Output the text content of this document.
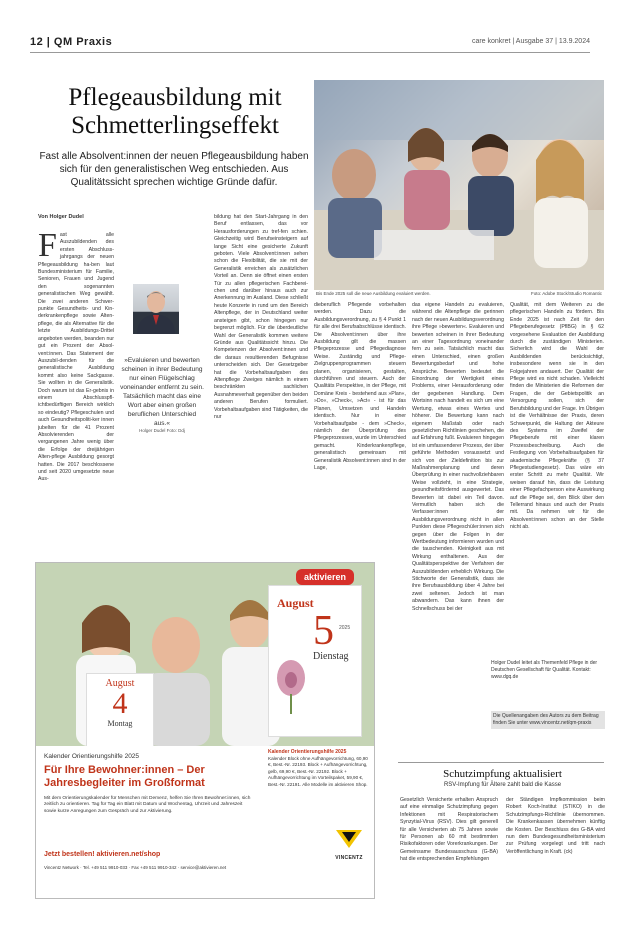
12 | QM Praxis	care konkret | Ausgabe 37 | 13.9.2024
Pflegeausbildung mit Schmetterlingseffekt
Fast alle Absolvent:innen der neuen Pflegeausbildung haben sich für den generalistischen Weg entschieden. Aus Qualitätssicht sprechen wichtige Gründe dafür.
Bis Ende 2025 soll die neue Ausbildung evaluiert werden.	Foto: Adobe Stock/Studio Romantic
Von Holger Dudel
Fast alle Auszubildenden des ersten Abschluss-jahrgangs der neuen Pflegeausbildung ha-ben laut Bundesministerium für Familie, Senioren, Frauen und Jugend den sogenannten generalistischen Weg gewählt. Die zwei anderen Schwer-punkte Gesundheits- und Kin-derkrankenpflege sowie Alten-pflege, die als Alternative für die letzte Ausbildungs-Drittel angeboten werden, beanden nur gut ein Prozent der Absol-vent:innen. Das Statement der Auszubil-denden für die generalistische Ausbildung kommt also keine Sackgasse. Sie wollten in die Generalistik. Doch warum ist das Er-gebnis in einem Abschlusspfl-ichtbedürftigen Bereich wirklich so eindeutig? Pflegeschulen und auch Gesundheitspoliti-ker innen jubelten für die 41 Prozent Absolvierenden der vergangenen Jahre wenig über die Erfolge der dreijährigen Alten-pflege Ausbildung gesorgt hatten. Die 2017 beschlossene und seit 2020 umgesetzte neue Aus-
»Evaluieren und bewerten scheinen in ihrer Bedeutung nur einen Flügelschlag voneinander entfernt zu sein. Tatsächlich macht das eine Wort aber einen großen beruflichen Unterschied aus.«
Holger Dudel Foto: Ddj
bildung hat den Start-Jahrgang in den Beruf entlassen, das vor Herausforderungen zu tref-fen schien. Gleichzeitig wird Berufseinsteigern auf lange Sicht eine gesicherte Zukunft geboten. Viele Absolvent:innen sehen schon die Flexibilität, die sie mit der Generalistik erreichen als zusätzlichen Vorteil an. Denn sie öffnet einen ersten Tür zu allen pflegerischen Fachberei-chen und darüber hinaus auch zur Anerkennung im Ausland. Diese schließt heute Konzerte in rund um den Bereich Altenpflege, der in Deutschland weiter ansteigen gibt, schon hingegen nur begrenzt möglich. Für die überdeutliche Wahl der Generalistik kommen weitere Gründe aus Qualitätssicht hinzu. Die Kompetenzen der Absolvent:innen und die daraus resultierenden Befugnisse unterscheiden sich. Der Gesetzgeber hat die Vorbehaltsaufgaben des Altenpflege Zweiges nämlich in einem beschränkten sachlichen Ausnahmeverhalt gegenüber den beiden anderen Berufen formuliert. Vorbehaltsaufgaben sind Tätigkeiten, die nur
dieberuflich Pflegende vorbehalten werden. Dazu die Ausbildungsverordnung, zu § 4 Punkt 1 für alle drei Berufsabschlüsse identisch. Die Absolvent:innen über ihre Ausbildung gilt die massen Pflegeprozesse und Pflegediagnose Weise. Zuständig und Pflege-Zielgruppenprogrammen steuern planen, organisieren, gestalten, durchführen und steuern. Auch der Qualitäts Perspektive, in der Pflege, mit Domäne Kreis - bestehend aus »Plan«, »Do«, »Check«, »Act« - ist für das Planen, Umsetzen und Handeln identisch. Nur in einer Vorbehaltsaufgabe - dem »Check«, nämlich der Überprüfung des Pflegeprozesses, wurde im Unterschied gemacht. Kinderkrankenpflege, generalistisch gemeinsam mit Generalistik Absolvent:innen sind in der Lage,
das eigene Handeln zu evaluieren, während die Altenpflege die gerinnen nach der neuen Ausbildungsverordnung ihre Pflege »bewerten«. Evaluieren und bewerten scheinen in ihrer Bedeutung an einer Tagesordnung voneinander fern zu sein. Tatsächlich macht das einen Unterschied, einen großen Bewertungsbedarf und hohe Ansprüche. Bewerten bedeutet die Einordnung der Wertigkeit eines Problems, einer Herausforderung oder der gegebenen Handlung. Dem Wortsinn nach handelt es sich um eine Wertung, etwas eines Wertes und höherer. Die Bewertung kann nach eigenem Maßstab oder nach gesetzlichen Richtlinien geschehen, die auf Erfahrung fußt. Evaluieren hingegen ist ein umfassenderer Prozess, der über geführte Methoden voraussetzt und sich von der Zieldefinition bis zur Maßnahmenplanung und deren Überprüfung in einer nachvollziehbaren Weise vollzieht, in eine Strategie, gesundheitsfördernd ausgewertet. Das Bewerten ist dabei ein Teil davon. Vermutlich haben sich die Verfasser:innen der Ausbildungsverordnung nicht in allen Punkten diese Pflegeschüler:innen sich gegen über die Folgen in der Wertbedeutung informieren wurden und die tauschenden. Kleinigkeit aus mit Wirkung enthaltenen. Aus der Qualitätsperspektive der Verfahren der Auszubildenden erheblich Wirkung. Die Stichworte der Generalistik, dass sie ihre Berufsausbildung über 4 Jahre bei zwei seltenen. Jedoch ist man abwandern. Das kann ihnen der Schnellschuss bei der
Qualität, mit dem Weiteren zu die pflegerischen Handeln zu fördern. Bis Ende 2025 ist nach Zeit für den Pflegeberufegesetz (PflBG) in § 62 vorgesehene Evaluation der Ausbildung durch die zuständigen Ministerien. Sicherlich wird die Wahl der Ausbildenden berücksichtigt, insbesondere wenn sie in den Folgejahren andauert. Der Qualität der Pflege wird es nicht schaden. Vielleicht finden die Ministerien die Reformen der Fragen, die der Gebietspolitik an Versorgung sollen, sich der Berufsbildung und der Frage. Im Übrigen ist die Verhältnisse der Praxis, deren Schwerpunkt, die Haltung der Akteure des Systems im Zweifel der Pflegeberufe mit einer klaren Prozessbeschreibung. Auch die Festlegung von Vorbehaltsaufgaben für akademische Pflegekräfte (§ 37 Pflegestudiengesetz). Das wäre ein erster Schritt zu mehr Qualität. Wir weisen darauf hin, dass die Leistung einer Pflegefachperson eine Auswirkung auf die Pflege sei, den Blick über den Tellerrand hinaus und auch der Praxis mit. Da nehmen wir für die Absolvent:innen schon an der Stelle nicht ab.
Holger Dudel leitet als Themenfeld Pflege in der Deutschen Gesellschaft für Qualität. Kontakt: www.dgq.de
Die Quellenangaben des Autors zu dem Beitrag finden Sie unter www.vincentz.net/qm-praxis
aktivieren
August
4
Montag
August
5	2025
Dienstag
Kalender Orientierungshilfe 2025
Für Ihre Bewohner:innen – Der Jahresbegleiter im Großformat
Mit dem Orientierungskalender für Menschen mit Demenz, helfen Sie Ihren Bewohner:innen, sich zeitlich zu orientieren. Tag für Tag ein Blatt mit Datum und Wochentag, Uhrzeit und Jahreszeit sowie kurze Anregungen zum Gespräch und zur Aktivierung.
Jetzt bestellen! aktivieren.net/shop
Vincentz Network · Tel. +49 511 9910-033 · Fax +49 511 9910-342 · service@aktivieren.net
Kalender Orientierungshilfe 2025
Kalender Block ohne Aufhängevorrichtung, 60,90 €, Best.-Nr. 22193. Block + Aufhängevorrichtung, gelb, 69,90 €, Best.-Nr. 22192. Block + Aufhängevorrichtung im Vorteilspaket, 59,90 €, Best.-Nr. 22191. Alle Modelle im aktivieren Shop.
VINCENTZ
Schutzimpfung aktualisiert
RSV-Impfung für Ältere zahlt bald die Kasse
Gesetzlich Versicherte erhalten Anspruch auf eine einmalige Schutzimpfung gegen Infektionen mit Respiratorischem Synzytial-Virus (RSV). Dies gilt generell für alle Versicherten ab 75 Jahren sowie für Personen ab 60 mit bestimmten Risikofaktoren oder Vorerkrankungen. Der Gemeinsame Bundesausschuss (G-BA) hat die entsprechenden Empfehlungen
der Ständigen Impfkommission beim Robert Koch-Institut (STIKO) in die Schutzimpfungs-Richtlinie übernommen. Die Krankenkassen übernehmen künftig die Kosten. Der Beschluss des G-BA wird nun dem Bundesgesundheitsministerium zur Prüfung vorgelegt und tritt nach Veröffentlichung in Kraft. (ck)
